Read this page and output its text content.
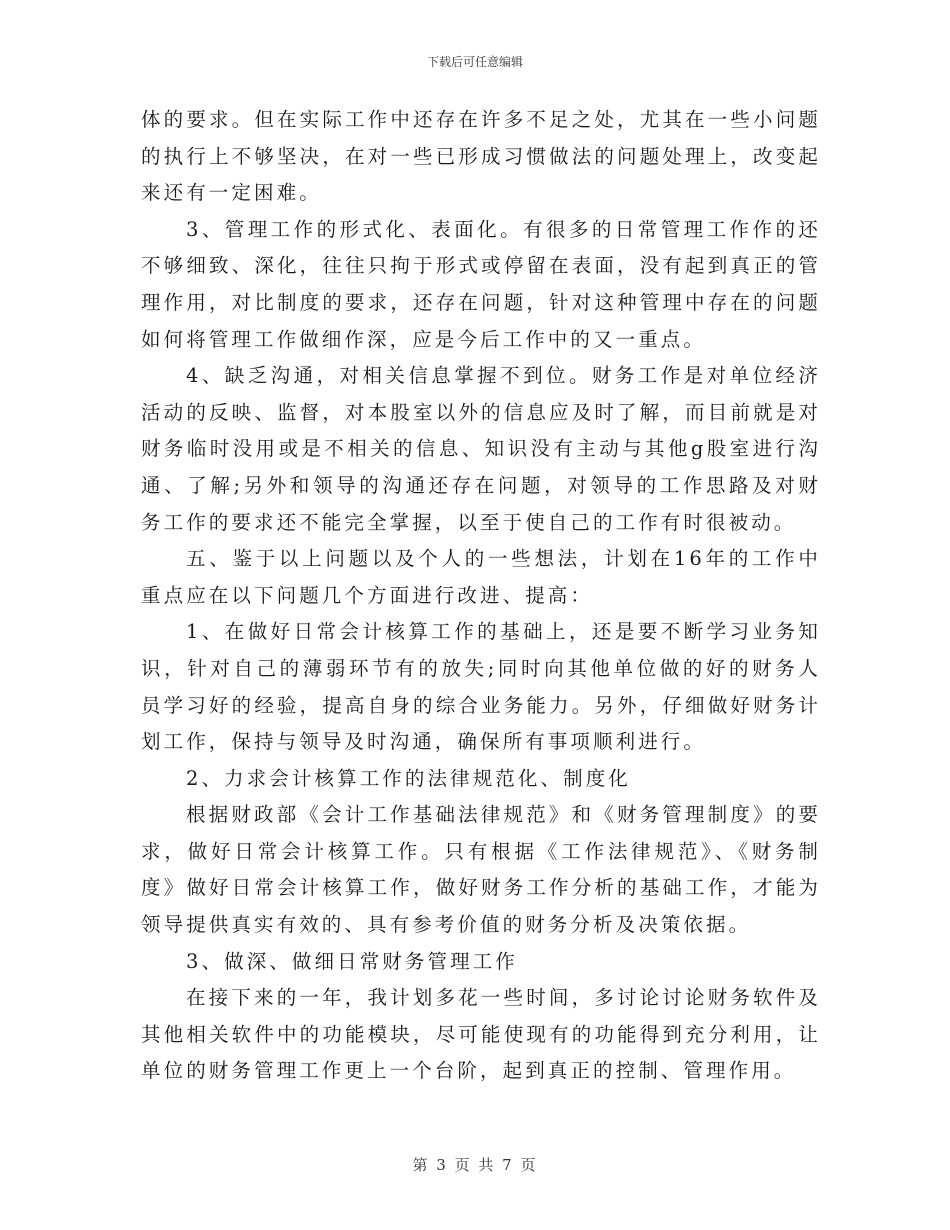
下载后可任意编辑

体的要求。但在实际工作中还存在许多不足之处，尤其在一些小问题的执行上不够坚决，在对一些已形成习惯做法的问题处理上，改变起来还有一定困难。

3、管理工作的形式化、表面化。有很多的日常管理工作作的还不够细致、深化，往往只拘于形式或停留在表面，没有起到真正的管理作用，对比制度的要求，还存在问题，针对这种管理中存在的问题如何将管理工作做细作深，应是今后工作中的又一重点。

4、缺乏沟通，对相关信息掌握不到位。财务工作是对单位经济活动的反映、监督，对本股室以外的信息应及时了解，而目前就是对财务临时没用或是不相关的信息、知识没有主动与其他g股室进行沟通、了解;另外和领导的沟通还存在问题，对领导的工作思路及对财务工作的要求还不能完全掌握，以至于使自己的工作有时很被动。

五、鉴于以上问题以及个人的一些想法，计划在16年的工作中重点应在以下问题几个方面进行改进、提高：

1、在做好日常会计核算工作的基础上，还是要不断学习业务知识，针对自己的薄弱环节有的放失;同时向其他单位做的好的财务人员学习好的经验，提高自身的综合业务能力。另外，仔细做好财务计划工作，保持与领导及时沟通，确保所有事项顺利进行。

2、力求会计核算工作的法律规范化、制度化

根据财政部《会计工作基础法律规范》和《财务管理制度》的要求，做好日常会计核算工作。只有根据《工作法律规范》、《财务制度》做好日常会计核算工作，做好财务工作分析的基础工作，才能为领导提供真实有效的、具有参考价值的财务分析及决策依据。

3、做深、做细日常财务管理工作

在接下来的一年，我计划多花一些时间，多讨论讨论财务软件及其他相关软件中的功能模块，尽可能使现有的功能得到充分利用，让单位的财务管理工作更上一个台阶，起到真正的控制、管理作用。

第 3 页 共 7 页
